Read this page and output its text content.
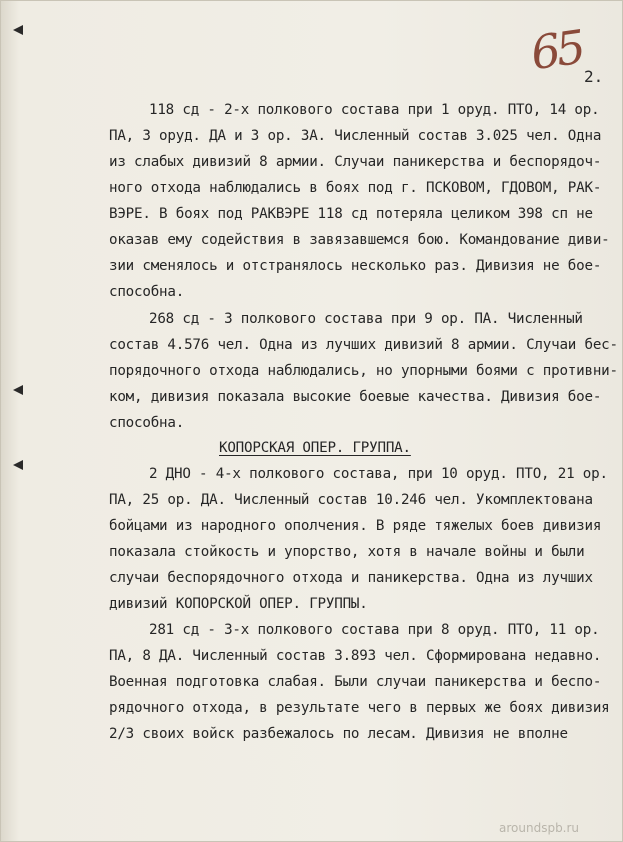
65
2.
118 сд - 2-х полкового состава при 1 оруд. ПТО, 14 ор.
ПА, 3 оруд. ДА и 3 ор. ЗА. Численный состав 3.025 чел. Одна
из слабых дивизий 8 армии. Случаи паникерства и беспорядоч-
ного отхода наблюдались в боях под г. ПСКОВОМ, ГДОВОМ, РАК-
ВЭРЕ. В боях под РАКВЭРЕ 118 сд потеряла целиком 398 сп не
оказав ему содействия в завязавшемся бою. Командование диви-
зии сменялось и отстранялось несколько раз. Дивизия не бое-
способна.
268 сд - 3 полкового состава при 9 ор. ПА. Численный
состав 4.576 чел. Одна из лучших дивизий 8 армии. Случаи бес-
порядочного отхода наблюдались, но упорными боями с противни-
ком, дивизия показала высокие боевые качества. Дивизия бое-
способна.
КОПОРСКАЯ ОПЕР. ГРУППА.
2 ДНО - 4-х полкового состава, при 10 оруд. ПТО, 21 ор.
ПА, 25 ор. ДА. Численный состав 10.246 чел. Укомплектована
бойцами из народного ополчения. В ряде тяжелых боев дивизия
показала стойкость и упорство, хотя в начале войны и были
случаи беспорядочного отхода и паникерства. Одна из лучших
дивизий КОПОРСКОЙ ОПЕР. ГРУППЫ.
281 сд - 3-х полкового состава при 8 оруд. ПТО, 11 ор.
ПА, 8 ДА. Численный состав 3.893 чел. Сформирована недавно.
Военная подготовка слабая. Были случаи паникерства и беспо-
рядочного отхода, в результате чего в первых же боях дивизия
2/3 своих войск разбежалось по лесам. Дивизия не вполне
aroundspb.ru
